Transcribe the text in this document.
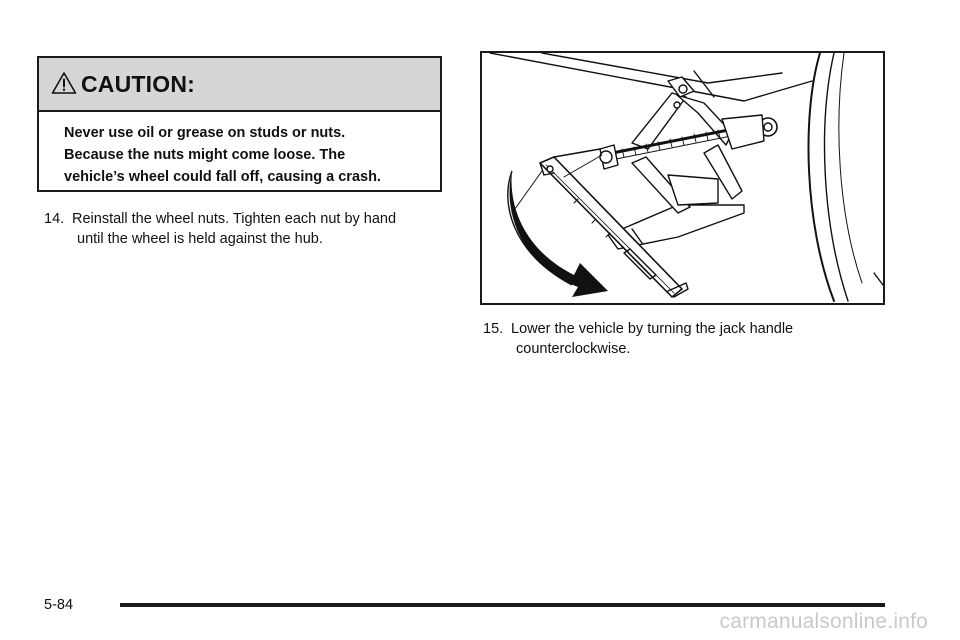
CAUTION:

Never use oil or grease on studs or nuts.

Because the nuts might come loose. The

vehicle’s wheel could fall off, causing a crash.

14. Reinstall the wheel nuts. Tighten each nut by hand
until the wheel is held against the hub.
15. Lower the vehicle by turning the jack handle
counterclockwise.
5-84
carmanualsonline.info
